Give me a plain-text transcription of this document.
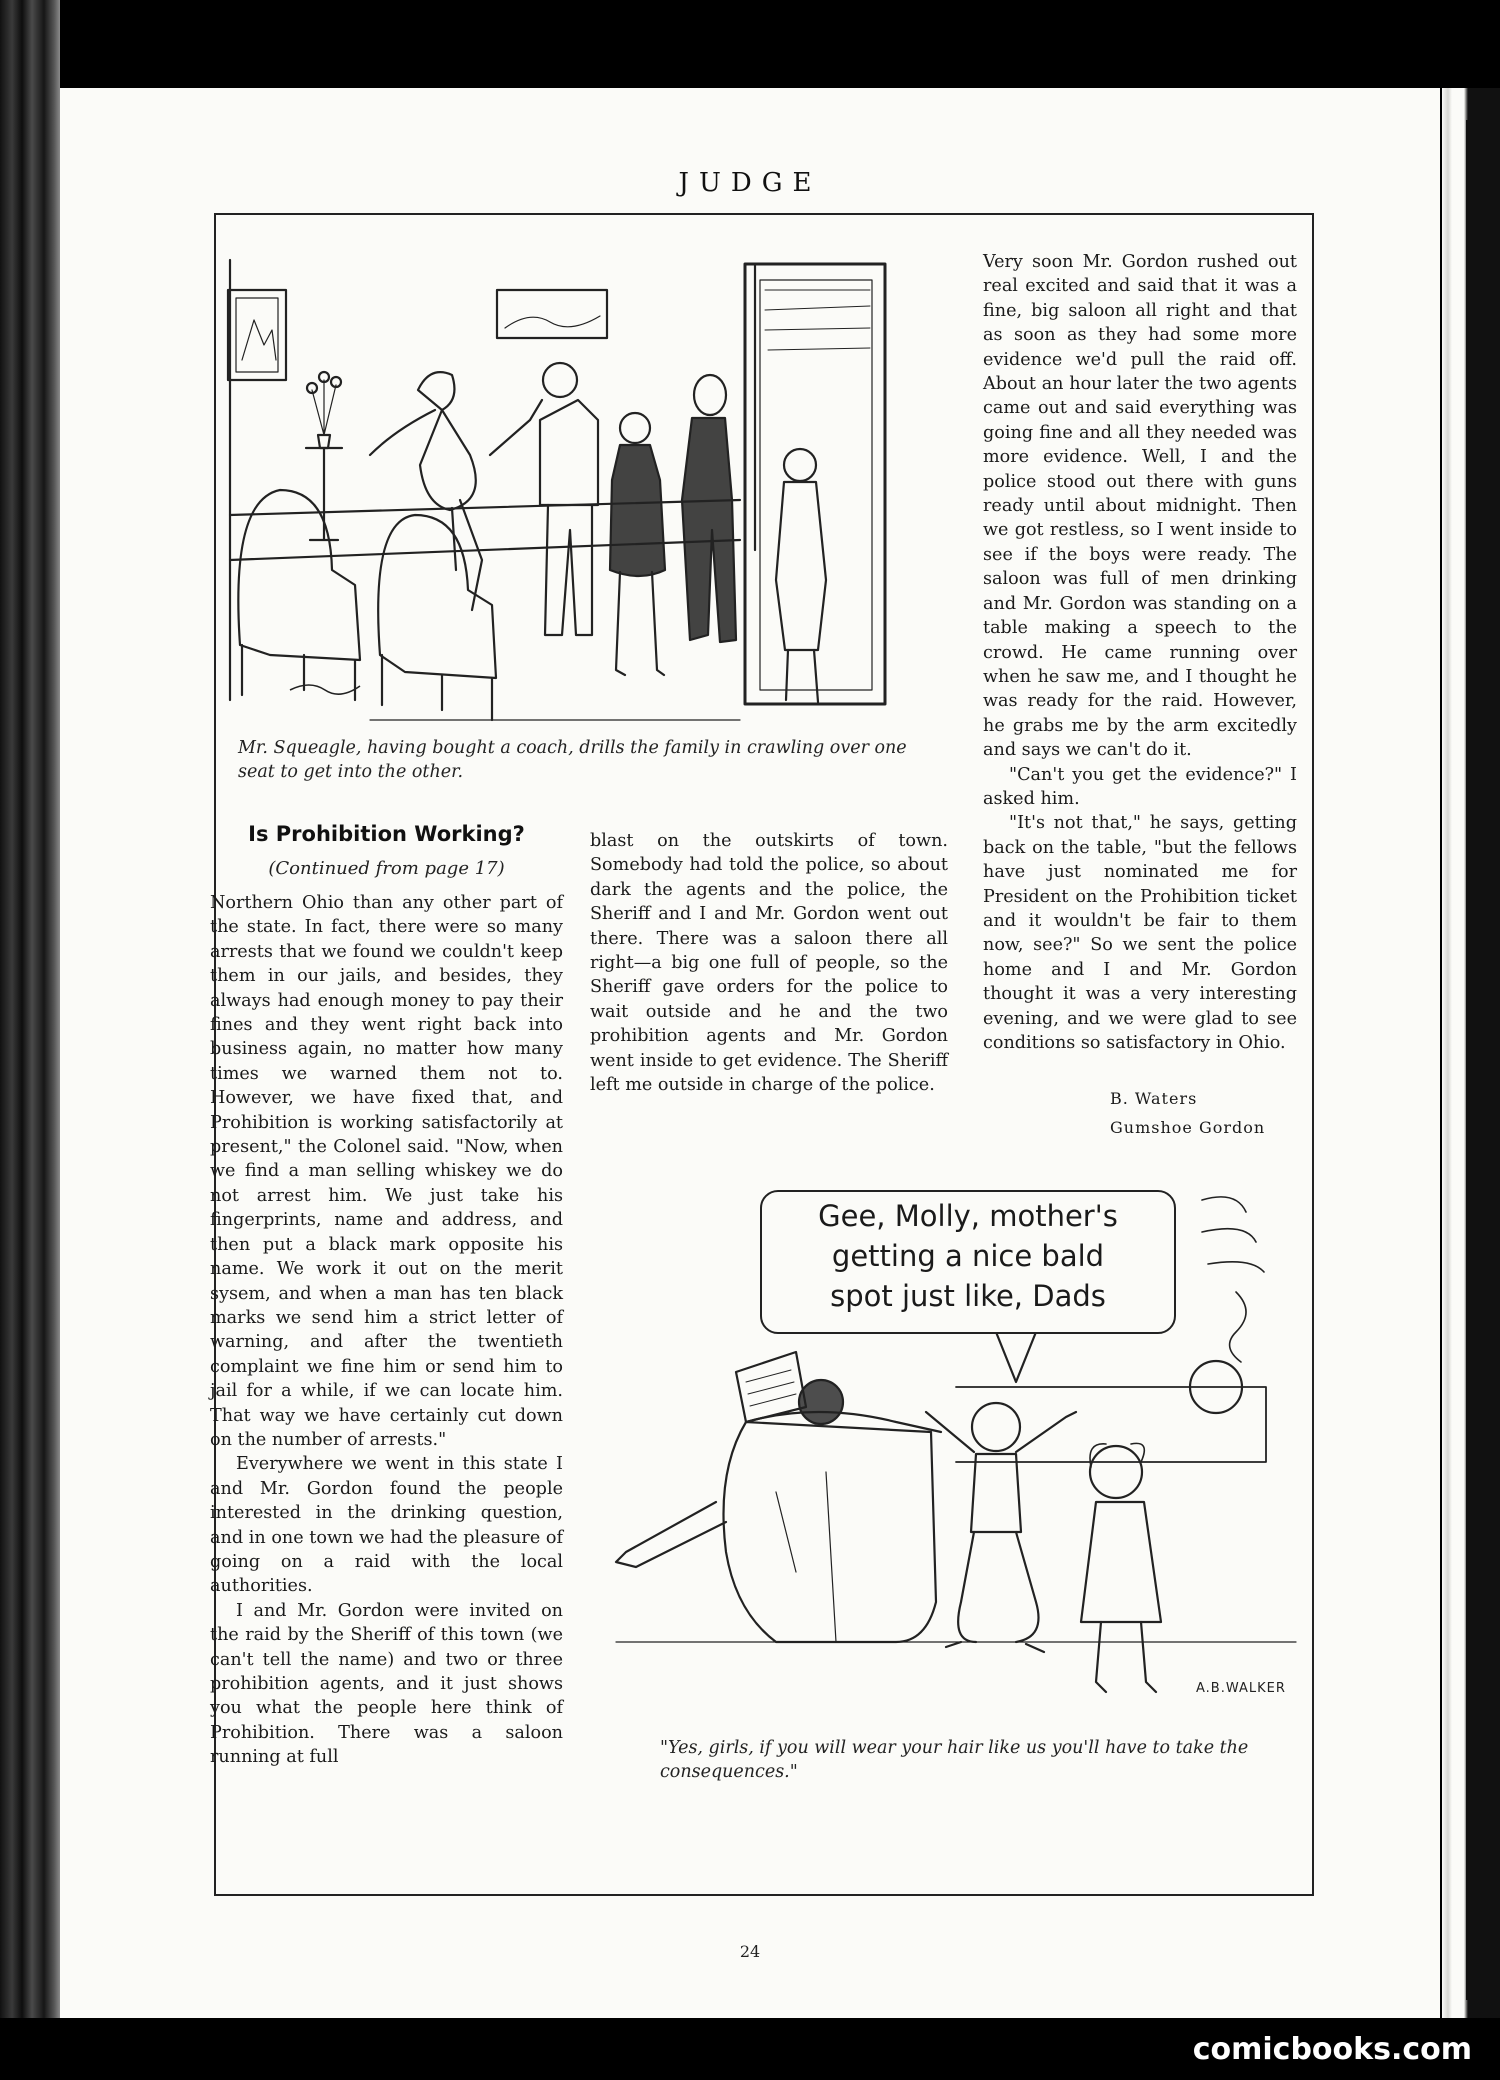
JUDGE
Mr. Squeagle, having bought a coach, drills the family in crawling over one seat to get into the other.
Is Prohibition Working?
(Continued from page 17)

Northern Ohio than any other part of the state. In fact, there were so many arrests that we found we couldn't keep them in our jails, and besides, they always had enough money to pay their fines and they went right back into business again, no matter how many times we warned them not to. However, we have fixed that, and Prohibition is working satisfactorily at present," the Colonel said. "Now, when we find a man selling whiskey we do not arrest him. We just take his fingerprints, name and address, and then put a black mark opposite his name. We work it out on the merit sysem, and when a man has ten black marks we send him a strict letter of warning, and after the twentieth complaint we fine him or send him to jail for a while, if we can locate him. That way we have certainly cut down on the number of arrests."

Everywhere we went in this state I and Mr. Gordon found the people interested in the drinking question, and in one town we had the pleasure of going on a raid with the local authorities.

I and Mr. Gordon were invited on the raid by the Sheriff of this town (we can't tell the name) and two or three prohibition agents, and it just shows you what the people here think of Prohibition. There was a saloon running at full

blast on the outskirts of town. Somebody had told the police, so about dark the agents and the police, the Sheriff and I and Mr. Gordon went out there. There was a saloon there all right—a big one full of people, so the Sheriff gave orders for the police to wait outside and he and the two prohibition agents and Mr. Gordon went inside to get evidence. The Sheriff left me outside in charge of the police.

Very soon Mr. Gordon rushed out real excited and said that it was a fine, big saloon all right and that as soon as they had some more evidence we'd pull the raid off. About an hour later the two agents came out and said everything was going fine and all they needed was more evidence. Well, I and the police stood out there with guns ready until about midnight. Then we got restless, so I went inside to see if the boys were ready. The saloon was full of men drinking and Mr. Gordon was standing on a table making a speech to the crowd. He came running over when he saw me, and I thought he was ready for the raid. However, he grabs me by the arm excitedly and says we can't do it.

"Can't you get the evidence?" I asked him.

"It's not that," he says, getting back on the table, "but the fellows have just nominated me for President on the Prohibition ticket and it wouldn't be fair to them now, see?" So we sent the police home and I and Mr. Gordon thought it was a very interesting evening, and we were glad to see conditions so satisfactory in Ohio.

B. Waters
Gumshoe Gordon
A.B.WALKER
Gee, Molly, mother's
getting a nice bald
spot just like, Dads
"Yes, girls, if you will wear your hair like us you'll have to take the consequences."
24
comicbooks.com
